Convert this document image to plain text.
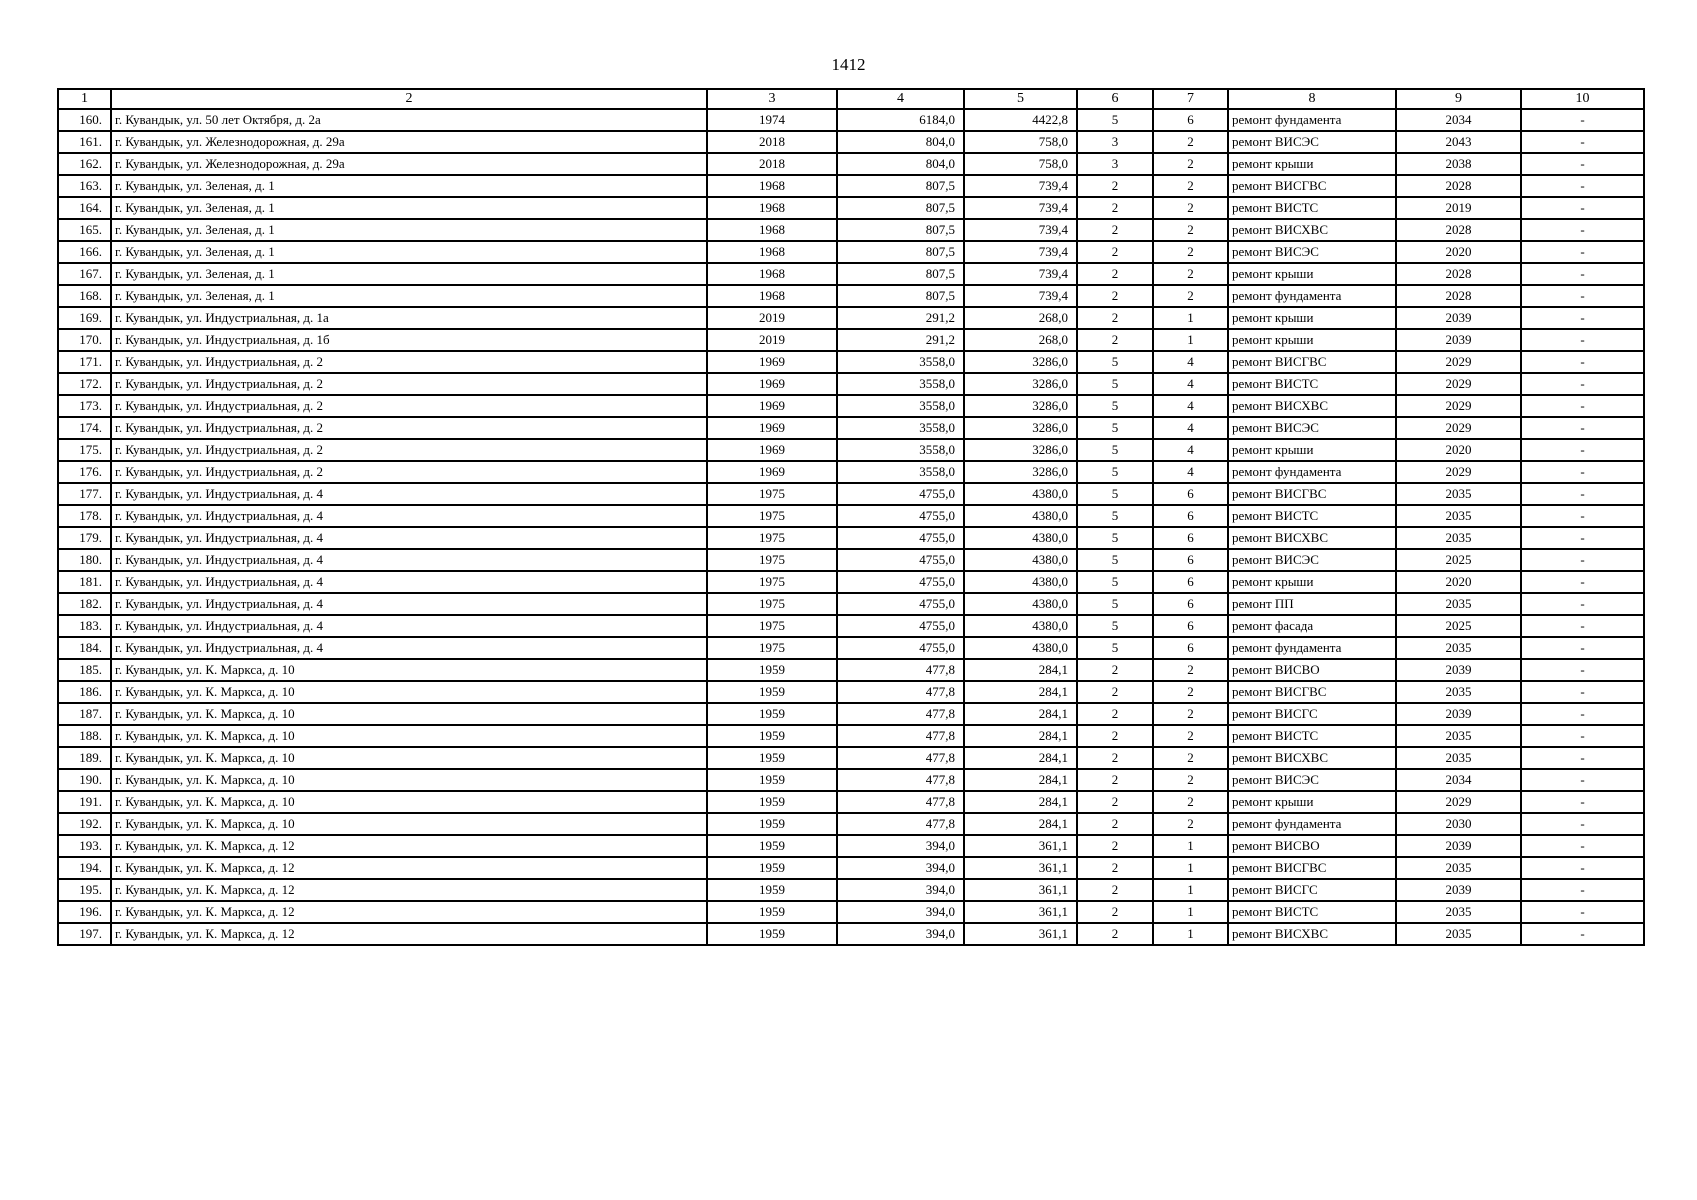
1412
1	2	3	4	5	6	7	8	9	10
160.	г. Кувандык, ул. 50 лет Октября, д. 2а	1974	6184,0	4422,8	5	6	ремонт фундамента	2034	-
161.	г. Кувандык, ул. Железнодорожная, д. 29а	2018	804,0	758,0	3	2	ремонт ВИСЭС	2043	-
162.	г. Кувандык, ул. Железнодорожная, д. 29а	2018	804,0	758,0	3	2	ремонт крыши	2038	-
163.	г. Кувандык, ул. Зеленая, д. 1	1968	807,5	739,4	2	2	ремонт ВИСГВС	2028	-
164.	г. Кувандык, ул. Зеленая, д. 1	1968	807,5	739,4	2	2	ремонт ВИСТС	2019	-
165.	г. Кувандык, ул. Зеленая, д. 1	1968	807,5	739,4	2	2	ремонт ВИСХВС	2028	-
166.	г. Кувандык, ул. Зеленая, д. 1	1968	807,5	739,4	2	2	ремонт ВИСЭС	2020	-
167.	г. Кувандык, ул. Зеленая, д. 1	1968	807,5	739,4	2	2	ремонт крыши	2028	-
168.	г. Кувандык, ул. Зеленая, д. 1	1968	807,5	739,4	2	2	ремонт фундамента	2028	-
169.	г. Кувандык, ул. Индустриальная, д. 1а	2019	291,2	268,0	2	1	ремонт крыши	2039	-
170.	г. Кувандык, ул. Индустриальная, д. 1б	2019	291,2	268,0	2	1	ремонт крыши	2039	-
171.	г. Кувандык, ул. Индустриальная, д. 2	1969	3558,0	3286,0	5	4	ремонт ВИСГВС	2029	-
172.	г. Кувандык, ул. Индустриальная, д. 2	1969	3558,0	3286,0	5	4	ремонт ВИСТС	2029	-
173.	г. Кувандык, ул. Индустриальная, д. 2	1969	3558,0	3286,0	5	4	ремонт ВИСХВС	2029	-
174.	г. Кувандык, ул. Индустриальная, д. 2	1969	3558,0	3286,0	5	4	ремонт ВИСЭС	2029	-
175.	г. Кувандык, ул. Индустриальная, д. 2	1969	3558,0	3286,0	5	4	ремонт крыши	2020	-
176.	г. Кувандык, ул. Индустриальная, д. 2	1969	3558,0	3286,0	5	4	ремонт фундамента	2029	-
177.	г. Кувандык, ул. Индустриальная, д. 4	1975	4755,0	4380,0	5	6	ремонт ВИСГВС	2035	-
178.	г. Кувандык, ул. Индустриальная, д. 4	1975	4755,0	4380,0	5	6	ремонт ВИСТС	2035	-
179.	г. Кувандык, ул. Индустриальная, д. 4	1975	4755,0	4380,0	5	6	ремонт ВИСХВС	2035	-
180.	г. Кувандык, ул. Индустриальная, д. 4	1975	4755,0	4380,0	5	6	ремонт ВИСЭС	2025	-
181.	г. Кувандык, ул. Индустриальная, д. 4	1975	4755,0	4380,0	5	6	ремонт крыши	2020	-
182.	г. Кувандык, ул. Индустриальная, д. 4	1975	4755,0	4380,0	5	6	ремонт ПП	2035	-
183.	г. Кувандык, ул. Индустриальная, д. 4	1975	4755,0	4380,0	5	6	ремонт фасада	2025	-
184.	г. Кувандык, ул. Индустриальная, д. 4	1975	4755,0	4380,0	5	6	ремонт фундамента	2035	-
185.	г. Кувандык, ул. К. Маркса, д. 10	1959	477,8	284,1	2	2	ремонт ВИСВО	2039	-
186.	г. Кувандык, ул. К. Маркса, д. 10	1959	477,8	284,1	2	2	ремонт ВИСГВС	2035	-
187.	г. Кувандык, ул. К. Маркса, д. 10	1959	477,8	284,1	2	2	ремонт ВИСГС	2039	-
188.	г. Кувандык, ул. К. Маркса, д. 10	1959	477,8	284,1	2	2	ремонт ВИСТС	2035	-
189.	г. Кувандык, ул. К. Маркса, д. 10	1959	477,8	284,1	2	2	ремонт ВИСХВС	2035	-
190.	г. Кувандык, ул. К. Маркса, д. 10	1959	477,8	284,1	2	2	ремонт ВИСЭС	2034	-
191.	г. Кувандык, ул. К. Маркса, д. 10	1959	477,8	284,1	2	2	ремонт крыши	2029	-
192.	г. Кувандык, ул. К. Маркса, д. 10	1959	477,8	284,1	2	2	ремонт фундамента	2030	-
193.	г. Кувандык, ул. К. Маркса, д. 12	1959	394,0	361,1	2	1	ремонт ВИСВО	2039	-
194.	г. Кувандык, ул. К. Маркса, д. 12	1959	394,0	361,1	2	1	ремонт ВИСГВС	2035	-
195.	г. Кувандык, ул. К. Маркса, д. 12	1959	394,0	361,1	2	1	ремонт ВИСГС	2039	-
196.	г. Кувандык, ул. К. Маркса, д. 12	1959	394,0	361,1	2	1	ремонт ВИСТС	2035	-
197.	г. Кувандык, ул. К. Маркса, д. 12	1959	394,0	361,1	2	1	ремонт ВИСХВС	2035	-
